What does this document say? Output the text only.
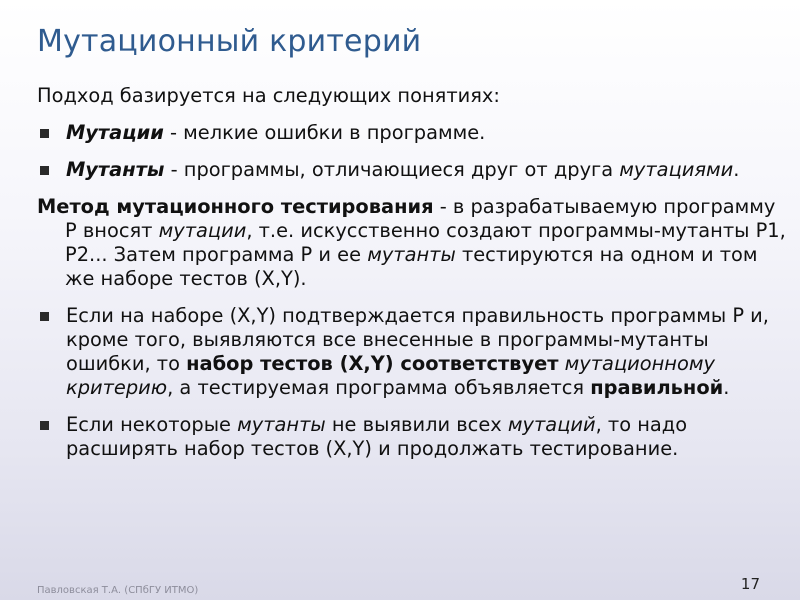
Мутационный критерий

Подход базируется на следующих понятиях:

Мутации - мелкие ошибки в программе.
Мутанты - программы, отличающиеся друг от друга мутациями.

Метод мутационного тестирования - в разрабатываемую программу P вносят мутации, т.е. искусственно создают программы-мутанты P1, P2... Затем программа P и ее мутанты тестируются на одном и том же наборе тестов (X,Y).

Если на наборе (X,Y) подтверждается правильность программы P и, кроме того, выявляются все внесенные в программы-мутанты ошибки, то набор тестов (X,Y) соответствует мутационному критерию, а тестируемая программа объявляется правильной.
Если некоторые мутанты не выявили всех мутаций, то надо расширять набор тестов (X,Y) и продолжать тестирование.
Павловская Т.А. (СПбГУ ИТМО)	17
